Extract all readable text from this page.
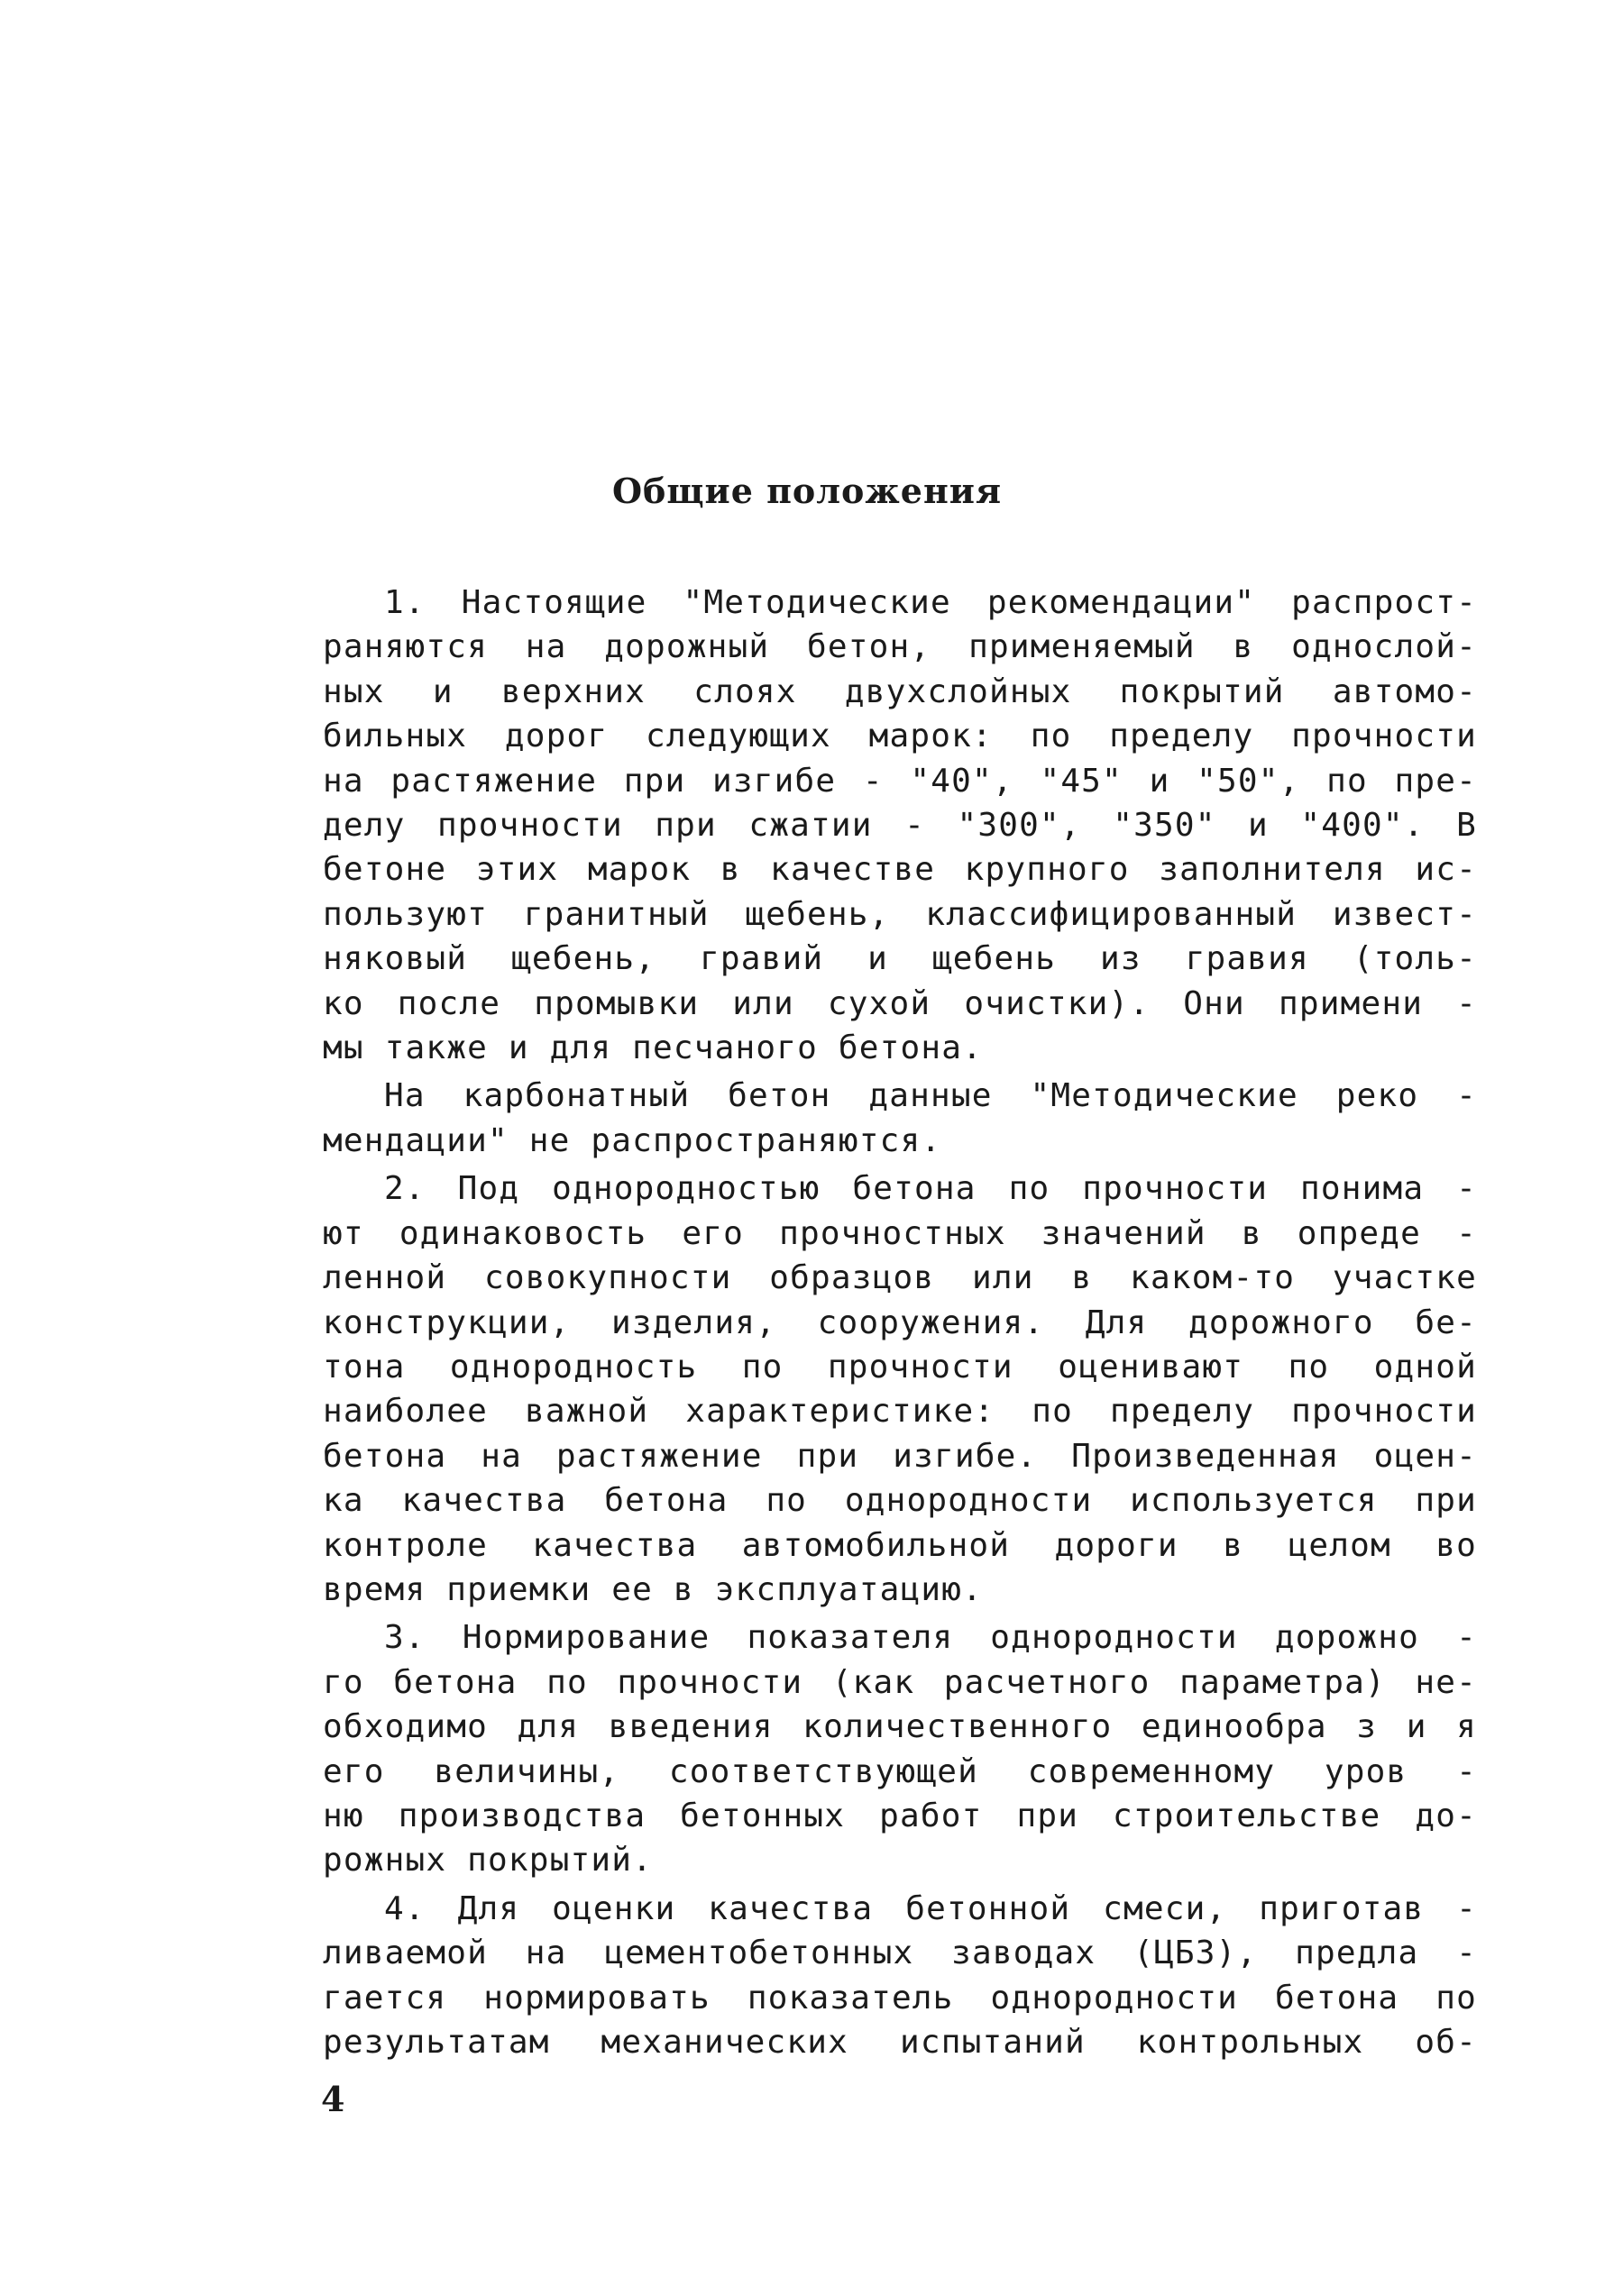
Общие положения
1. Настоящие "Методические рекомендации" распрост-
раняются на дорожный бетон, применяемый в однослой-
ных и верхних слоях двухслойных покрытий автомо-
бильных дорог следующих марок: по пределу прочности
на растяжение при изгибе - "40", "45" и "50", по пре-
делу прочности при сжатии - "300", "350" и "400". В
бетоне этих марок в качестве крупного заполнителя ис-
пользуют гранитный щебень, классифицированный извест-
няковый щебень, гравий и щебень из гравия (толь-
ко после промывки или сухой очистки). Они примени -
мы также и для песчаного бетона.
На карбонатный бетон данные "Методические реко -
мендации" не распространяются.
2. Под однородностью бетона по прочности понима -
ют одинаковость его прочностных значений в опреде -
ленной совокупности образцов или в каком-то участке
конструкции, изделия, сооружения. Для дорожного бе-
тона однородность по прочности оценивают по одной
наиболее важной характеристике: по пределу прочности
бетона на растяжение при изгибе. Произведенная оцен-
ка качества бетона по однородности используется при
контроле качества автомобильной дороги в целом во
время приемки ее в эксплуатацию.
3. Нормирование показателя однородности дорожно -
го бетона по прочности (как расчетного параметра) не-
обходимо для введения количественного единообра з и я
его величины, соответствующей современному уров -
ню производства бетонных работ при строительстве до-
рожных покрытий.
4. Для оценки качества бетонной смеси, приготав -
ливаемой на цементобетонных заводах (ЦБЗ), предла -
гается нормировать показатель однородности бетона по
результатам механических испытаний контрольных об-

4
